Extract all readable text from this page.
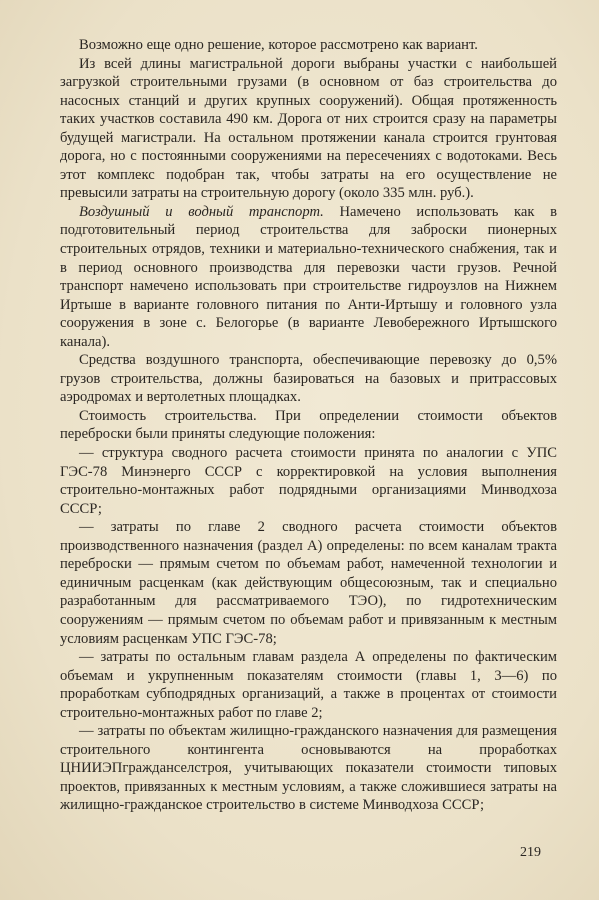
Возможно еще одно решение, которое рассмотрено как вариант.

Из всей длины магистральной дороги выбраны участки с наибольшей загрузкой строительными грузами (в основном от баз строительства до насосных станций и других крупных сооружений). Общая протяженность таких участков составила 490 км. Дорога от них строится сразу на параметры будущей магистрали. На остальном протяжении канала строится грунтовая дорога, но с постоянными сооружениями на пересечениях с водотоками. Весь этот комплекс подобран так, чтобы затраты на его осуществление не превысили затраты на строительную дорогу (около 335 млн. руб.).

Воздушный и водный транспорт. Намечено использовать как в подготовительный период строительства для заброски пионерных строительных отрядов, техники и материально-технического снабжения, так и в период основного производства для перевозки части грузов. Речной транспорт намечено использовать при строительстве гидроузлов на Нижнем Иртыше в варианте головного питания по Анти-Иртышу и головного узла сооружения в зоне с. Белогорье (в варианте Левобережного Иртышского канала).

Средства воздушного транспорта, обеспечивающие перевозку до 0,5% грузов строительства, должны базироваться на базовых и притрассовых аэродромах и вертолетных площадках.

Стоимость строительства. При определении стоимости объектов переброски были приняты следующие положения:

— структура сводного расчета стоимости принята по аналогии с УПС ГЭС-78 Минэнерго СССР с корректировкой на условия выполнения строительно-монтажных работ подрядными организациями Минводхоза СССР;

— затраты по главе 2 сводного расчета стоимости объектов производственного назначения (раздел А) определены: по всем каналам тракта переброски — прямым счетом по объемам работ, намеченной технологии и единичным расценкам (как действующим общесоюзным, так и специально разработанным для рассматриваемого ТЭО), по гидротехническим сооружениям — прямым счетом по объемам работ и привязанным к местным условиям расценкам УПС ГЭС-78;

— затраты по остальным главам раздела А определены по фактическим объемам и укрупненным показателям стоимости (главы 1, 3—6) по проработкам субподрядных организаций, а также в процентах от стоимости строительно-монтажных работ по главе 2;

— затраты по объектам жилищно-гражданского назначения для размещения строительного контингента основываются на проработках ЦНИИЭПгражданселстроя, учитывающих показатели стоимости типовых проектов, привязанных к местным условиям, а также сложившиеся затраты на жилищно-гражданское строительство в системе Минводхоза СССР;

219
